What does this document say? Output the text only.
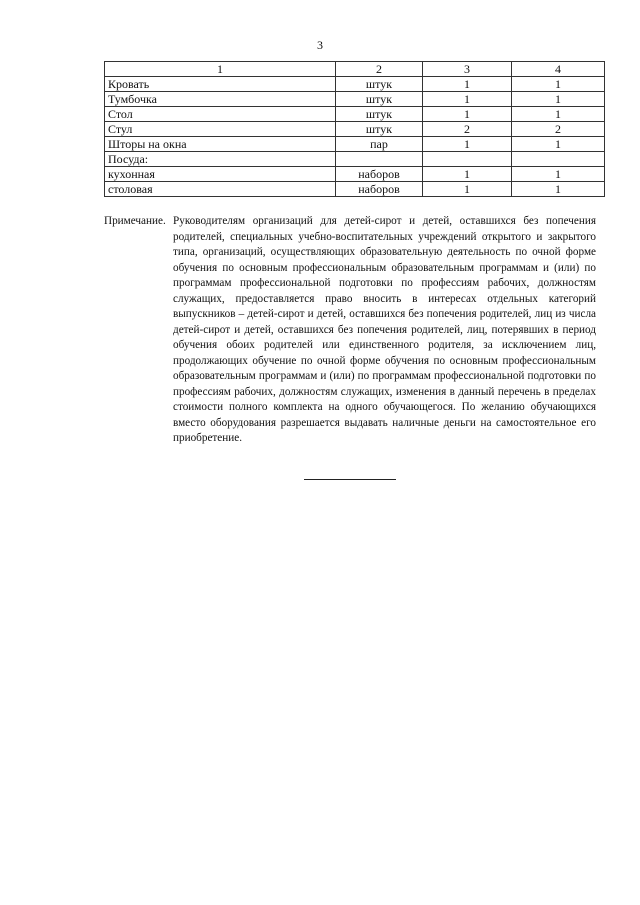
3
1	2	3	4
Кровать	штук	1	1
Тумбочка	штук	1	1
Стол	штук	1	1
Стул	штук	2	2
Шторы на окна	пар	1	1
Посуда:			
кухонная	наборов	1	1
столовая	наборов	1	1
Примечание. Руководителям организаций для детей-сирот и детей, оставшихся без попечения родителей, специальных учебно-воспитательных учреждений открытого и закрытого типа, организаций, осуществляющих образовательную деятельность по очной форме обучения по основным профессиональным образовательным программам и (или) по программам профессиональной подготовки по профессиям рабочих, должностям служащих, предоставляется право вносить в интересах отдельных категорий выпускников – детей-сирот и детей, оставшихся без попечения родителей, лиц из числа детей-сирот и детей, оставшихся без попечения родителей, лиц, потерявших в период обучения обоих родителей или единственного родителя, за исключением лиц, продолжающих обучение по очной форме обучения по основным профессиональным образовательным программам и (или) по программам профессиональной подготовки по профессиям рабочих, должностям служащих, изменения в данный перечень в пределах стоимости полного комплекта на одного обучающегося. По желанию обучающихся вместо оборудования разрешается выдавать наличные деньги на самостоятельное его приобретение.
